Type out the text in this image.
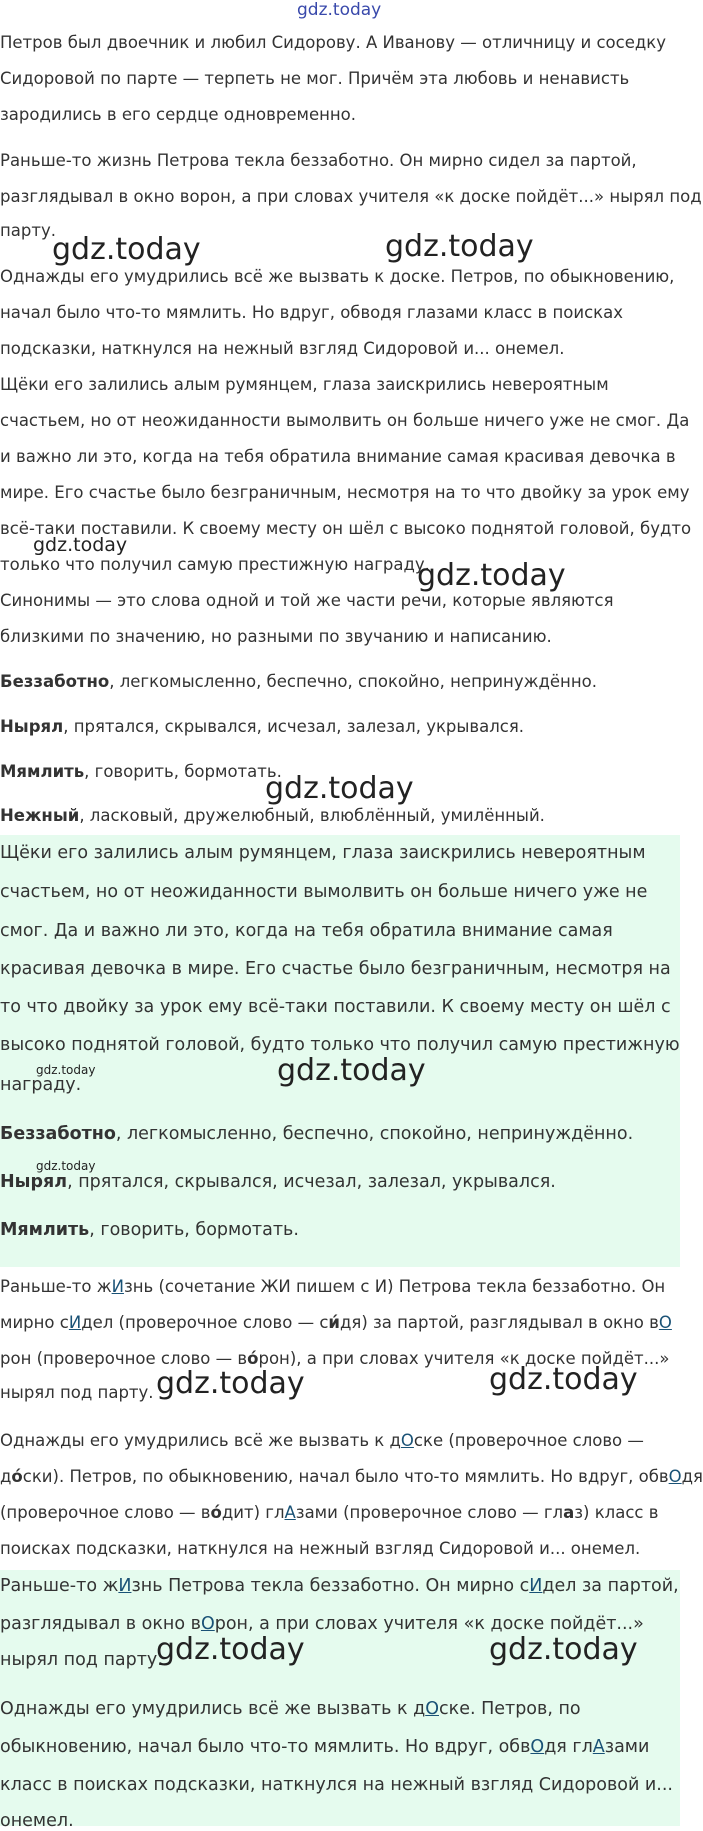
gdz.today
Петров был двоечник и любил Сидорову. А Иванову — отличницу и соседку
Сидоровой по парте — терпеть не мог. Причём эта любовь и ненависть
зародились в его сердце одновременно.
Раньше-то жизнь Петрова текла беззаботно. Он мирно сидел за партой,
разглядывал в окно ворон, а при словах учителя «к доске пойдёт...» нырял под
парту.
Однажды его умудрились всё же вызвать к доске. Петров, по обыкновению,
начал было что-то мямлить. Но вдруг, обводя глазами класс в поисках
подсказки, наткнулся на нежный взгляд Сидоровой и... онемел.
Щёки его залились алым румянцем, глаза заискрились невероятным
счастьем, но от неожиданности вымолвить он больше ничего уже не смог. Да
и важно ли это, когда на тебя обратила внимание самая красивая девочка в
мире. Его счастье было безграничным, несмотря на то что двойку за урок ему
всё-таки поставили. К своему месту он шёл с высоко поднятой головой, будто
только что получил самую престижную награду.
Синонимы — это слова одной и той же части речи, которые являются
близкими по значению, но разными по звучанию и написанию.
Беззаботно, легкомысленно, беспечно, спокойно, непринуждённо.
Нырял, прятался, скрывался, исчезал, залезал, укрывался.
Мямлить, говорить, бормотать.
Нежный, ласковый, дружелюбный, влюблённый, умилённый.
Щёки его залились алым румянцем, глаза заискрились невероятным
счастьем, но от неожиданности вымолвить он больше ничего уже не
смог. Да и важно ли это, когда на тебя обратила внимание самая
красивая девочка в мире. Его счастье было безграничным, несмотря на
то что двойку за урок ему всё-таки поставили. К своему месту он шёл с
высоко поднятой головой, будто только что получил самую престижную
награду.
Беззаботно, легкомысленно, беспечно, спокойно, непринуждённо.
Нырял, прятался, скрывался, исчезал, залезал, укрывался.
Мямлить, говорить, бормотать.
Раньше-то жИзнь (сочетание ЖИ пишем с И) Петрова текла беззаботно. Он
мирно сИдел (проверочное слово — си́дя) за партой, разглядывал в окно вО
рон (проверочное слово — во́рон), а при словах учителя «к доске пойдёт...»
нырял под парту.
Однажды его умудрились всё же вызвать к дОске (проверочное слово —
до́ски). Петров, по обыкновению, начал было что-то мямлить. Но вдруг, обвОдя
(проверочное слово — во́дит) глАзами (проверочное слово — глаз) класс в
поисках подсказки, наткнулся на нежный взгляд Сидоровой и... онемел.
Раньше-то жИзнь Петрова текла беззаботно. Он мирно сИдел за партой,
разглядывал в окно вОрон, а при словах учителя «к доске пойдёт...»
нырял под парту.
Однажды его умудрились всё же вызвать к дОске. Петров, по
обыкновению, начал было что-то мямлить. Но вдруг, обвОдя глАзами
класс в поисках подсказки, наткнулся на нежный взгляд Сидоровой и...
онемел.
gdz.today	gdz.today
gdz.today
gdz.today
gdz.today
gdz.today	gdz.today
gdz.today
gdz.today	gdz.today
gdz.today	gdz.today
